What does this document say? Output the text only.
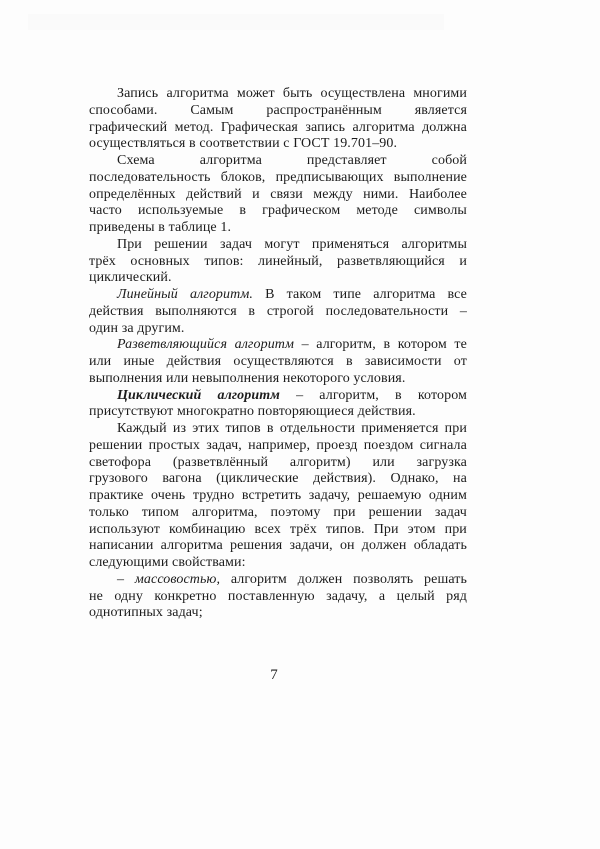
Запись алгоритма может быть осуществлена многими
способами. Самым распространённым является
графический метод. Графическая запись алгоритма должна
осуществляться в соответствии с ГОСТ 19.701–90.
Схема	алгоритма	представляет	собой
последовательность блоков, предписывающих выполнение
определённых действий и связи между ними. Наиболее
часто используемые в графическом методе символы
приведены в таблице 1.
При решении задач могут применяться алгоритмы
трёх основных типов: линейный, разветвляющийся и
циклический.
Линейный алгоритм. В таком типе алгоритма все
действия выполняются в строгой последовательности –
один за другим.
Разветвляющийся алгоритм – алгоритм, в котором те
или иные действия осуществляются в зависимости от
выполнения или невыполнения некоторого условия.
Циклический алгоритм – алгоритм, в котором
присутствуют многократно повторяющиеся действия.
Каждый из этих типов в отдельности применяется при
решении простых задач, например, проезд поездом сигнала
светофора (разветвлённый алгоритм) или загрузка
грузового вагона (циклические действия). Однако, на
практике очень трудно встретить задачу, решаемую одним
только типом алгоритма, поэтому при решении задач
используют комбинацию всех трёх типов. При этом при
написании алгоритма решения задачи, он должен обладать
следующими свойствами:
– массовостью, алгоритм должен позволять решать
не одну конкретно поставленную задачу, а целый ряд
однотипных задач;
7
